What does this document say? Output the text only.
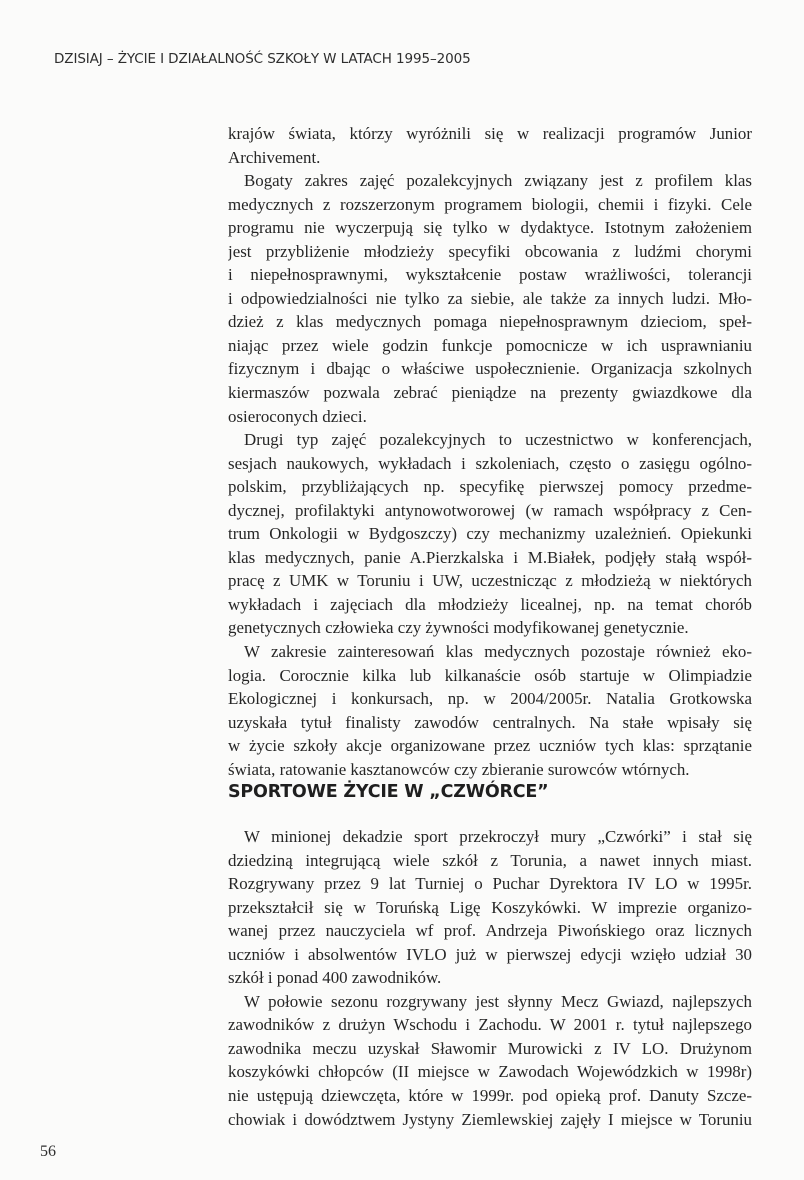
DZISIAJ – ŻYCIE I DZIAŁALNOŚĆ SZKOŁY W LATACH 1995–2005
krajów świata, którzy wyróżnili się w realizacji programów Junior
Archivement.
Bogaty zakres zajęć pozalekcyjnych związany jest z profilem klas
medycznych z rozszerzonym programem biologii, chemii i fizyki. Cele
programu nie wyczerpują się tylko w dydaktyce. Istotnym założeniem
jest przybliżenie młodzieży specyfiki obcowania z ludźmi chorymi
i niepełnosprawnymi, wykształcenie postaw wrażliwości, tolerancji
i odpowiedzialności nie tylko za siebie, ale także za innych ludzi. Mło-
dzież z klas medycznych pomaga niepełnosprawnym dzieciom, speł-
niając przez wiele godzin funkcje pomocnicze w ich usprawnianiu
fizycznym i dbając o właściwe uspołecznienie. Organizacja szkolnych
kiermaszów pozwala zebrać pieniądze na prezenty gwiazdkowe dla
osieroconych dzieci.
Drugi typ zajęć pozalekcyjnych to uczestnictwo w konferencjach,
sesjach naukowych, wykładach i szkoleniach, często o zasięgu ogólno-
polskim, przybliżających np. specyfikę pierwszej pomocy przedme-
dycznej, profilaktyki antynowotworowej (w ramach współpracy z Cen-
trum Onkologii w Bydgoszczy) czy mechanizmy uzależnień. Opiekunki
klas medycznych, panie A.Pierzkalska i M.Białek, podjęły stałą współ-
pracę z UMK w Toruniu i UW, uczestnicząc z młodzieżą w niektórych
wykładach i zajęciach dla młodzieży licealnej, np. na temat chorób
genetycznych człowieka czy żywności modyfikowanej genetycznie.
W zakresie zainteresowań klas medycznych pozostaje również eko-
logia. Corocznie kilka lub kilkanaście osób startuje w Olimpiadzie
Ekologicznej i konkursach, np. w 2004/2005r. Natalia Grotkowska
uzyskała tytuł finalisty zawodów centralnych. Na stałe wpisały się
w życie szkoły akcje organizowane przez uczniów tych klas: sprzątanie
świata, ratowanie kasztanowców czy zbieranie surowców wtórnych.
SPORTOWE ŻYCIE W „CZWÓRCE”
W minionej dekadzie sport przekroczył mury „Czwórki” i stał się
dziedziną integrującą wiele szkół z Torunia, a nawet innych miast.
Rozgrywany przez 9 lat Turniej o Puchar Dyrektora IV LO w 1995r.
przekształcił się w Toruńską Ligę Koszykówki. W imprezie organizo-
wanej przez nauczyciela wf prof. Andrzeja Piwońskiego oraz licznych
uczniów i absolwentów IVLO już w pierwszej edycji wzięło udział 30
szkół i ponad 400 zawodników.
W połowie sezonu rozgrywany jest słynny Mecz Gwiazd, najlepszych
zawodników z drużyn Wschodu i Zachodu. W 2001 r. tytuł najlepszego
zawodnika meczu uzyskał Sławomir Murowicki z IV LO. Drużynom
koszykówki chłopców (II miejsce w Zawodach Wojewódzkich w 1998r)
nie ustępują dziewczęta, które w 1999r. pod opieką prof. Danuty Szcze-
chowiak i dowództwem Jystyny Ziemlewskiej zajęły I miejsce w Toruniu
56
